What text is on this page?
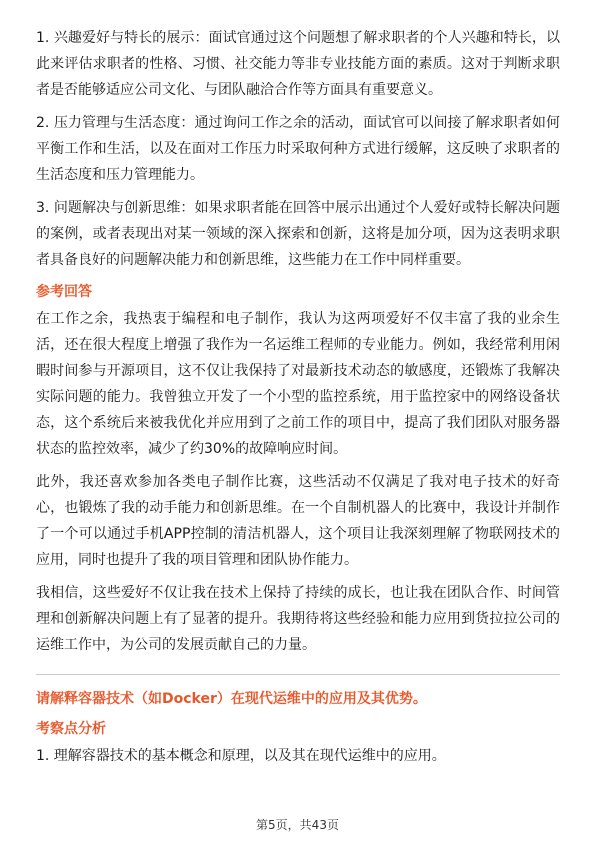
1. 兴趣爱好与特长的展示：面试官通过这个问题想了解求职者的个人兴趣和特长，以此来评估求职者的性格、习惯、社交能力等非专业技能方面的素质。这对于判断求职者是否能够适应公司文化、与团队融洽合作等方面具有重要意义。

2. 压力管理与生活态度：通过询问工作之余的活动，面试官可以间接了解求职者如何平衡工作和生活，以及在面对工作压力时采取何种方式进行缓解，这反映了求职者的生活态度和压力管理能力。

3. 问题解决与创新思维：如果求职者能在回答中展示出通过个人爱好或特长解决问题的案例，或者表现出对某一领域的深入探索和创新，这将是加分项，因为这表明求职者具备良好的问题解决能力和创新思维，这些能力在工作中同样重要。

参考回答

在工作之余，我热衷于编程和电子制作，我认为这两项爱好不仅丰富了我的业余生活，还在很大程度上增强了我作为一名运维工程师的专业能力。例如，我经常利用闲暇时间参与开源项目，这不仅让我保持了对最新技术动态的敏感度，还锻炼了我解决实际问题的能力。我曾独立开发了一个小型的监控系统，用于监控家中的网络设备状态，这个系统后来被我优化并应用到了之前工作的项目中，提高了我们团队对服务器状态的监控效率，减少了约30%的故障响应时间。

此外，我还喜欢参加各类电子制作比赛，这些活动不仅满足了我对电子技术的好奇心，也锻炼了我的动手能力和创新思维。在一个自制机器人的比赛中，我设计并制作了一个可以通过手机APP控制的清洁机器人，这个项目让我深刻理解了物联网技术的应用，同时也提升了我的项目管理和团队协作能力。

我相信，这些爱好不仅让我在技术上保持了持续的成长，也让我在团队合作、时间管理和创新解决问题上有了显著的提升。我期待将这些经验和能力应用到货拉拉公司的运维工作中，为公司的发展贡献自己的力量。

请解释容器技术（如Docker）在现代运维中的应用及其优势。
考察点分析

1. 理解容器技术的基本概念和原理，以及其在现代运维中的应用。

第5页，共43页
